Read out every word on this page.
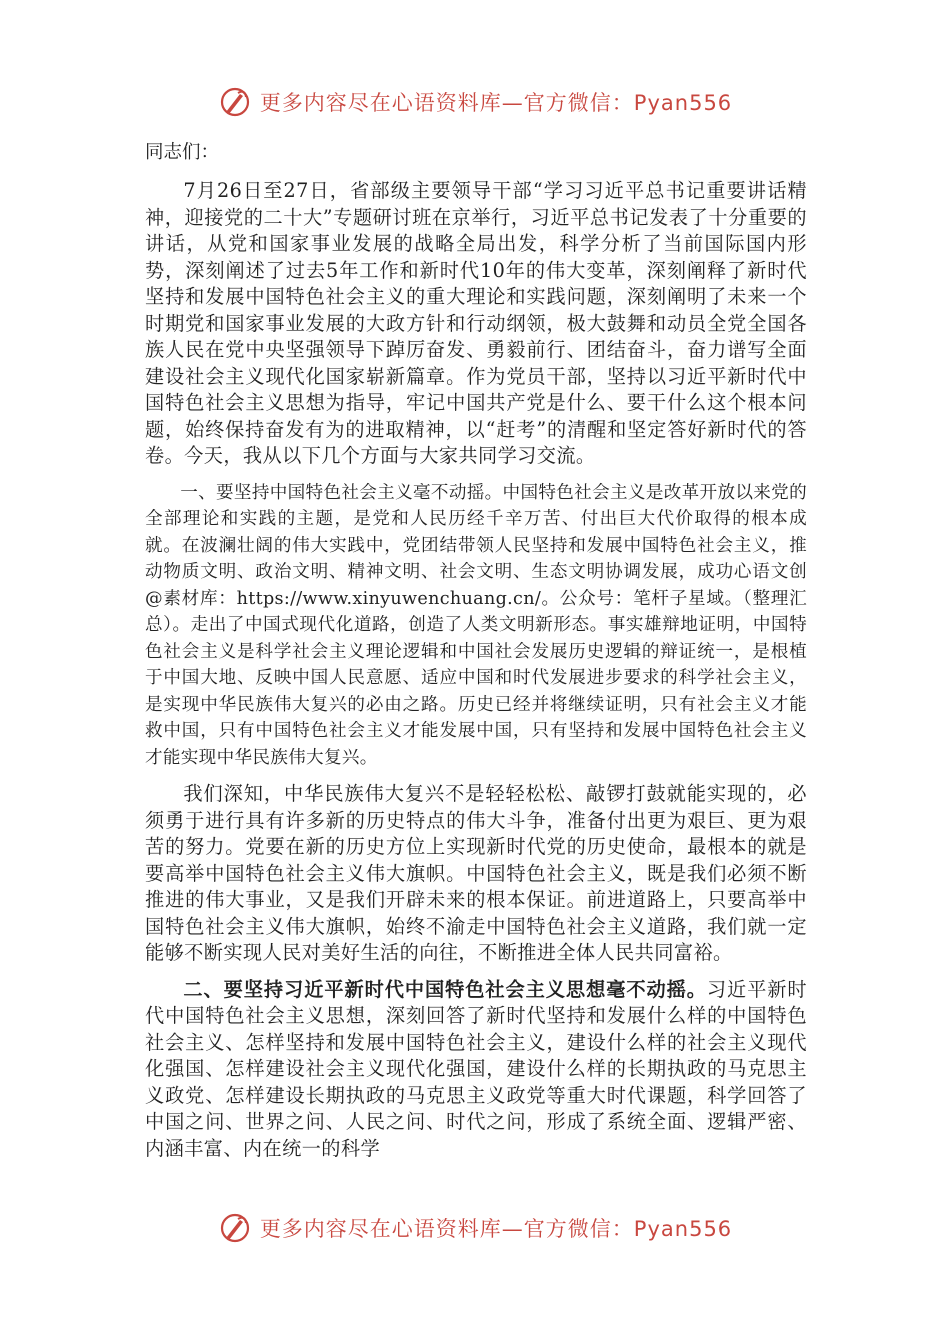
更多内容尽在心语资料库—官方微信：Pyan556
同志们：

7月26日至27日，省部级主要领导干部“学习习近平总书记重要讲话精神，迎接党的二十大”专题研讨班在京举行，习近平总书记发表了十分重要的讲话，从党和国家事业发展的战略全局出发，科学分析了当前国际国内形势，深刻阐述了过去5年工作和新时代10年的伟大变革，深刻阐释了新时代坚持和发展中国特色社会主义的重大理论和实践问题，深刻阐明了未来一个时期党和国家事业发展的大政方针和行动纲领，极大鼓舞和动员全党全国各族人民在党中央坚强领导下踔厉奋发、勇毅前行、团结奋斗，奋力谱写全面建设社会主义现代化国家崭新篇章。作为党员干部，坚持以习近平新时代中国特色社会主义思想为指导，牢记中国共产党是什么、要干什么这个根本问题，始终保持奋发有为的进取精神，以“赶考”的清醒和坚定答好新时代的答卷。今天，我从以下几个方面与大家共同学习交流。

一、要坚持中国特色社会主义毫不动摇。中国特色社会主义是改革开放以来党的全部理论和实践的主题，是党和人民历经千辛万苦、付出巨大代价取得的根本成就。在波澜壮阔的伟大实践中，党团结带领人民坚持和发展中国特色社会主义，推动物质文明、政治文明、精神文明、社会文明、生态文明协调发展，成功心语文创@素材库：https://www.xinyuwenchuang.cn/。公众号：笔杆子星域。（整理汇总）。走出了中国式现代化道路，创造了人类文明新形态。事实雄辩地证明，中国特色社会主义是科学社会主义理论逻辑和中国社会发展历史逻辑的辩证统一，是根植于中国大地、反映中国人民意愿、适应中国和时代发展进步要求的科学社会主义，是实现中华民族伟大复兴的必由之路。历史已经并将继续证明，只有社会主义才能救中国，只有中国特色社会主义才能发展中国，只有坚持和发展中国特色社会主义才能实现中华民族伟大复兴。

我们深知，中华民族伟大复兴不是轻轻松松、敲锣打鼓就能实现的，必须勇于进行具有许多新的历史特点的伟大斗争，准备付出更为艰巨、更为艰苦的努力。党要在新的历史方位上实现新时代党的历史使命，最根本的就是要高举中国特色社会主义伟大旗帜。中国特色社会主义，既是我们必须不断推进的伟大事业，又是我们开辟未来的根本保证。前进道路上，只要高举中国特色社会主义伟大旗帜，始终不渝走中国特色社会主义道路，我们就一定能够不断实现人民对美好生活的向往，不断推进全体人民共同富裕。

二、要坚持习近平新时代中国特色社会主义思想毫不动摇。习近平新时代中国特色社会主义思想，深刻回答了新时代坚持和发展什么样的中国特色社会主义、怎样坚持和发展中国特色社会主义，建设什么样的社会主义现代化强国、怎样建设社会主义现代化强国，建设什么样的长期执政的马克思主义政党、怎样建设长期执政的马克思主义政党等重大时代课题，科学回答了中国之问、世界之问、人民之问、时代之问，形成了系统全面、逻辑严密、内涵丰富、内在统一的科学

更多内容尽在心语资料库—官方微信：Pyan556
